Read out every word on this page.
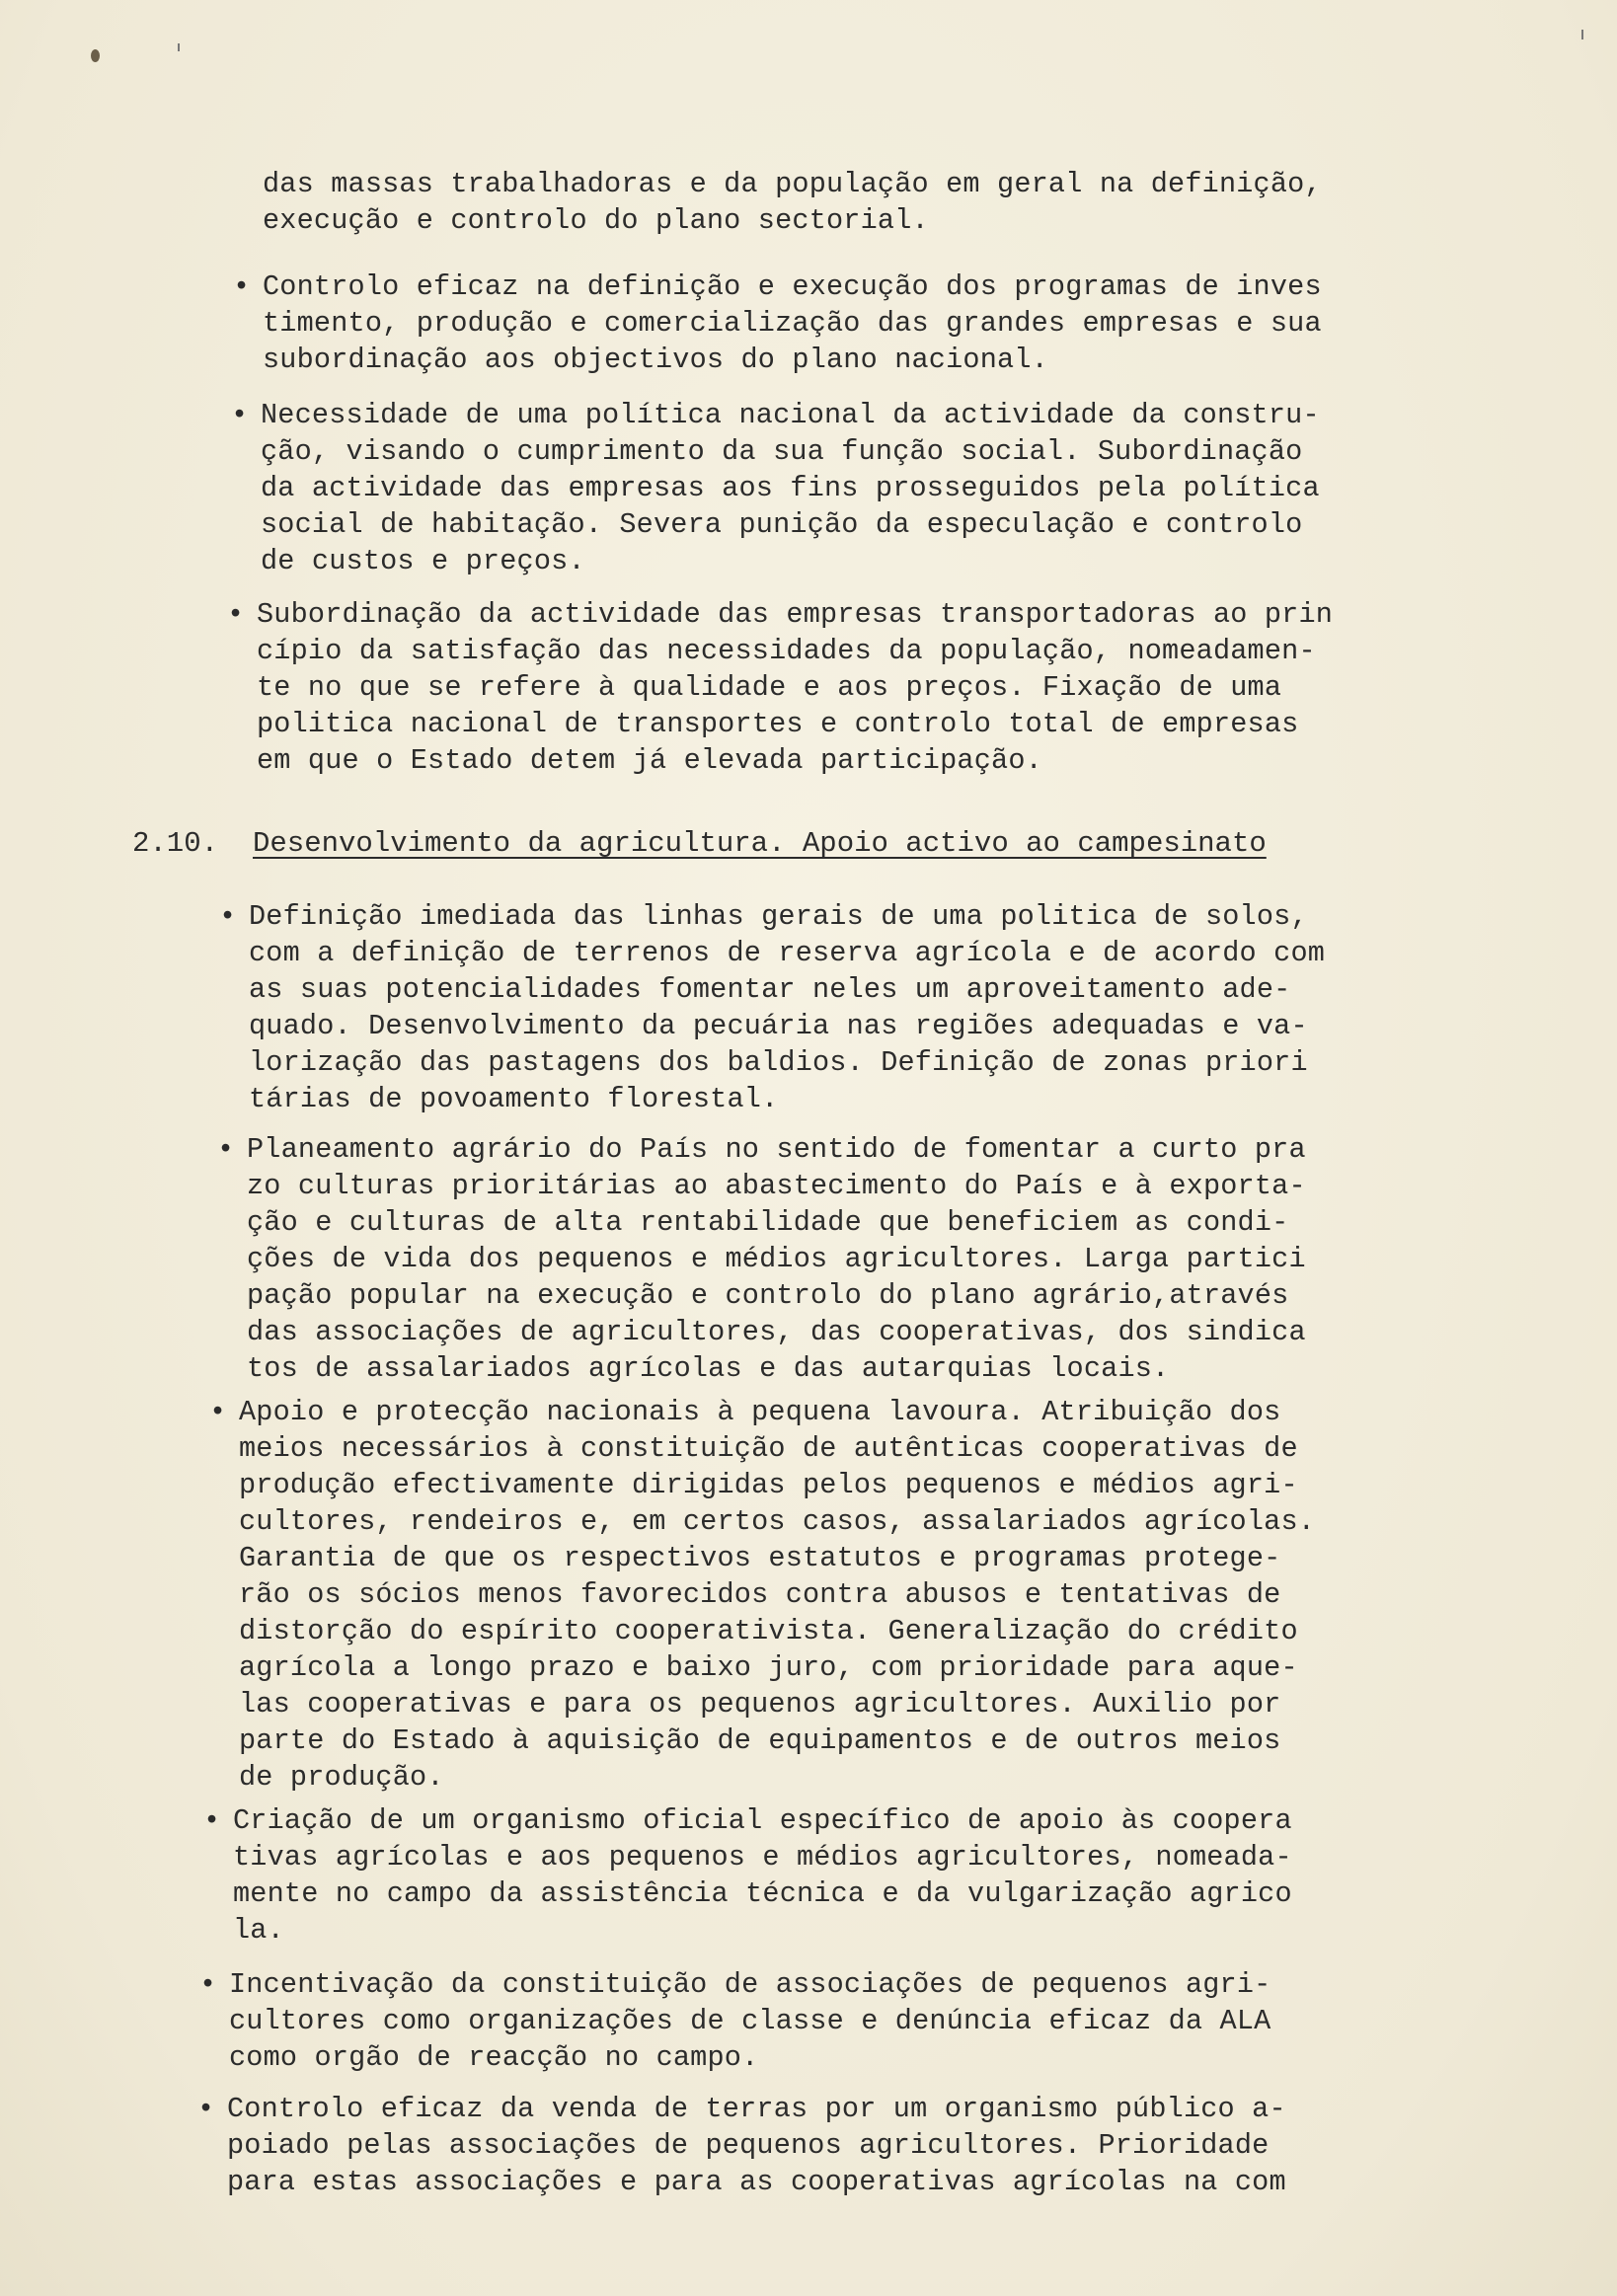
das massas trabalhadoras e da população em geral na definição,
execução e controlo do plano sectorial.
• Controlo eficaz na definição e execução dos programas de inves
timento, produção e comercialização das grandes empresas e sua
subordinação aos objectivos do plano nacional.
• Necessidade de uma política nacional da actividade da constru-
ção, visando o cumprimento da sua função social. Subordinação
da actividade das empresas aos fins prosseguidos pela política
social de habitação. Severa punição da especulação e controlo
de custos e preços.
• Subordinação da actividade das empresas transportadoras ao prin
cípio da satisfação das necessidades da população, nomeadamen-
te no que se refere à qualidade e aos preços. Fixação de uma
politica nacional de transportes e controlo total de empresas
em que o Estado detem já elevada participação.
2.10. Desenvolvimento da agricultura. Apoio activo ao campesinato
• Definição imediada das linhas gerais de uma politica de solos,
com a definição de terrenos de reserva agrícola e de acordo com
as suas potencialidades fomentar neles um aproveitamento ade-
quado. Desenvolvimento da pecuária nas regiões adequadas e va-
lorização das pastagens dos baldios. Definição de zonas priori
tárias de povoamento florestal.
• Planeamento agrário do País no sentido de fomentar a curto pra
zo culturas prioritárias ao abastecimento do País e à exporta-
ção e culturas de alta rentabilidade que beneficiem as condi-
ções de vida dos pequenos e médios agricultores. Larga partici
pação popular na execução e controlo do plano agrário,através
das associações de agricultores, das cooperativas, dos sindica
tos de assalariados agrícolas e das autarquias locais.
• Apoio e protecção nacionais à pequena lavoura. Atribuição dos
meios necessários à constituição de autênticas cooperativas de
produção efectivamente dirigidas pelos pequenos e médios agri-
cultores, rendeiros e, em certos casos, assalariados agrícolas.
Garantia de que os respectivos estatutos e programas protege-
rão os sócios menos favorecidos contra abusos e tentativas de
distorção do espírito cooperativista. Generalização do crédito
agrícola a longo prazo e baixo juro, com prioridade para aque-
las cooperativas e para os pequenos agricultores. Auxilio por
parte do Estado à aquisição de equipamentos e de outros meios
de produção.
• Criação de um organismo oficial específico de apoio às coopera
tivas agrícolas e aos pequenos e médios agricultores, nomeada-
mente no campo da assistência técnica e da vulgarização agrico
la.
• Incentivação da constituição de associações de pequenos agri-
cultores como organizações de classe e denúncia eficaz da ALA
como orgão de reacção no campo.
• Controlo eficaz da venda de terras por um organismo público a-
poiado pelas associações de pequenos agricultores. Prioridade
para estas associações e para as cooperativas agrícolas na com
